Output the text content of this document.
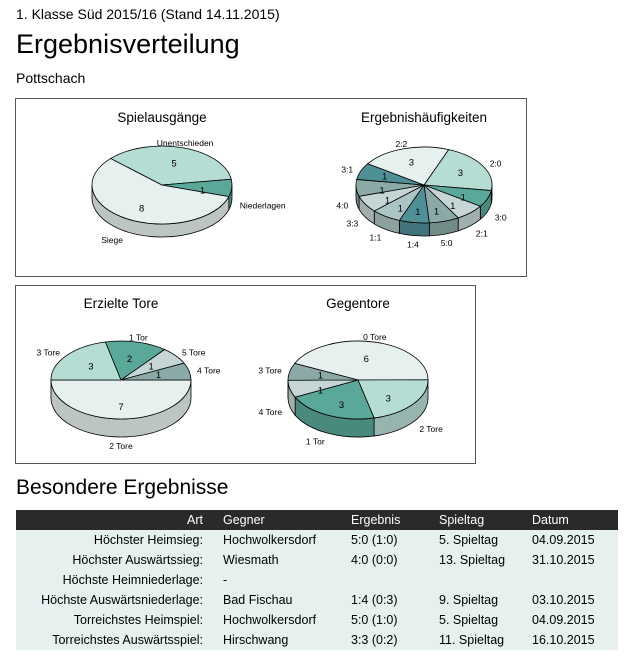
1. Klasse Süd 2015/16 (Stand 14.11.2015)
Ergebnisverteilung
Pottschach
Spielausgänge
8
5
1
Siege
Unentschieden
Niederlagen
Ergebnishäufigkeiten
3
1
1
1
1
1
1
1
1
3	2:0
3:0
2:1
5:0
1:4
1:1
3:3
4:0
3:1
2:2
Erzielte Tore
7
3
2
1
1
2 Tore
3 Tore
1 Tor
5 Tore
4 Tore
Gegentore
6
3
3
1
1
0 Tore
2 Tore
1 Tor
4 Tore
3 Tore
Besondere Ergebnisse
Art	Gegner	Ergebnis	Spieltag	Datum
Höchster Heimsieg:	Hochwolkersdorf	5:0 (1:0)	5. Spieltag	04.09.2015
Höchster Auswärtssieg:	Wiesmath	4:0 (0:0)	13. Spieltag	31.10.2015
Höchste Heimniederlage:	-			
Höchste Auswärtsniederlage:	Bad Fischau	1:4 (0:3)	9. Spieltag	03.10.2015
Torreichstes Heimspiel:	Hochwolkersdorf	5:0 (1:0)	5. Spieltag	04.09.2015
Torreichstes Auswärtsspiel:	Hirschwang	3:3 (0:2)	11. Spieltag	16.10.2015
